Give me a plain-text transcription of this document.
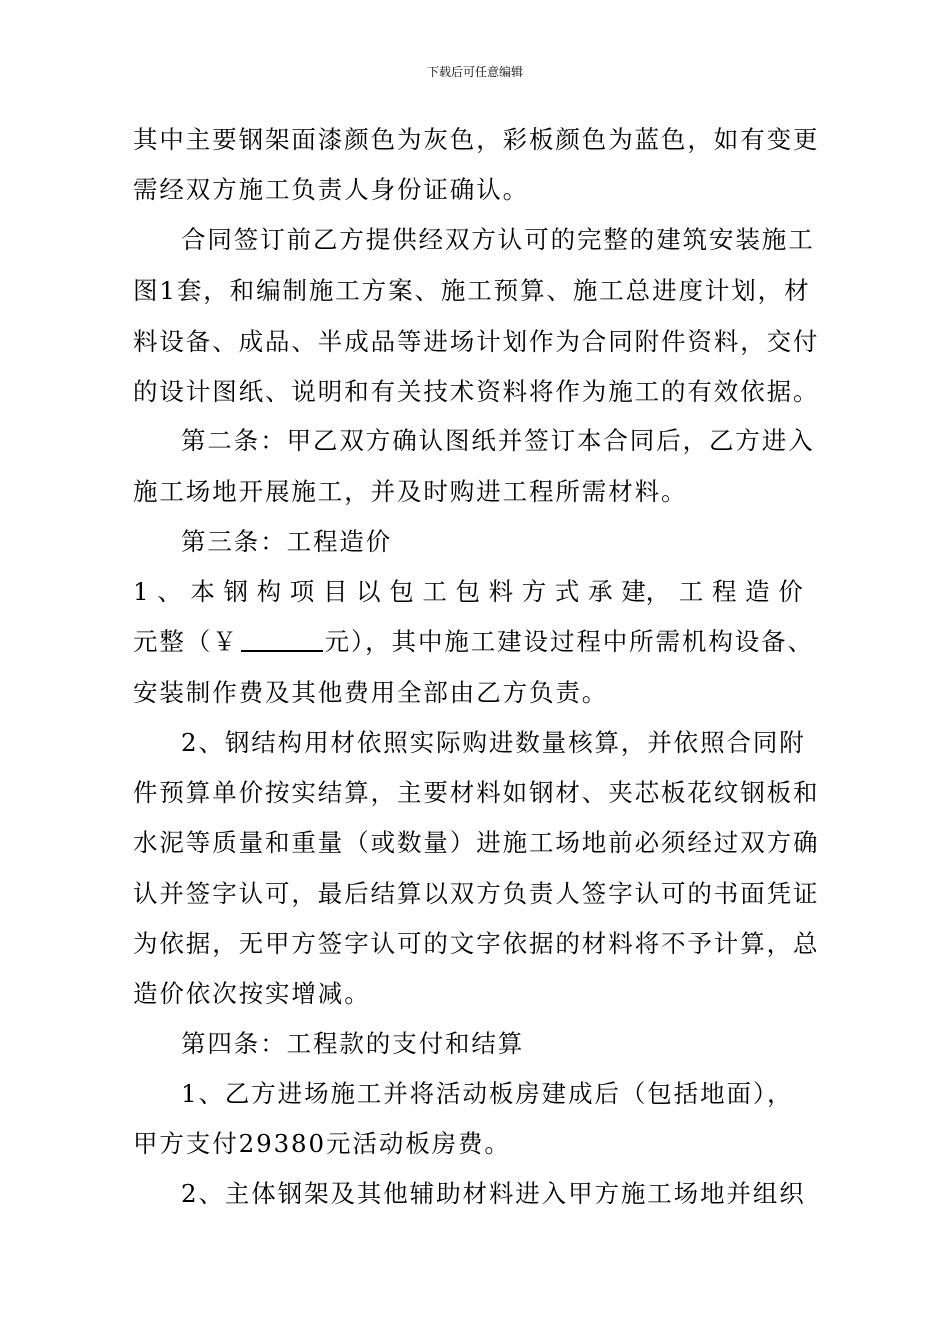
下载后可任意编辑
其中主要钢架面漆颜色为灰色，彩板颜色为蓝色，如有变更
需经双方施工负责人身份证确认。
合同签订前乙方提供经双方认可的完整的建筑安装施工
图1套，和编制施工方案、施工预算、施工总进度计划，材
料设备、成品、半成品等进场计划作为合同附件资料，交付
的设计图纸、说明和有关技术资料将作为施工的有效依据。
第二条：甲乙双方确认图纸并签订本合同后，乙方进入
施工场地开展施工，并及时购进工程所需材料。
第三条：工程造价
1 、 本 钢 构 项 目 以 包 工 包 料 方 式 承 建， 工 程 造 价
元整（￥	元），其中施工建设过程中所需机构设备、
安装制作费及其他费用全部由乙方负责。
2、钢结构用材依照实际购进数量核算，并依照合同附
件预算单价按实结算，主要材料如钢材、夹芯板花纹钢板和
水泥等质量和重量（或数量）进施工场地前必须经过双方确
认并签字认可，最后结算以双方负责人签字认可的书面凭证
为依据，无甲方签字认可的文字依据的材料将不予计算，总
造价依次按实增减。
第四条：工程款的支付和结算
1、乙方进场施工并将活动板房建成后（包括地面），
甲方支付29380元活动板房费。
2、主体钢架及其他辅助材料进入甲方施工场地并组织
